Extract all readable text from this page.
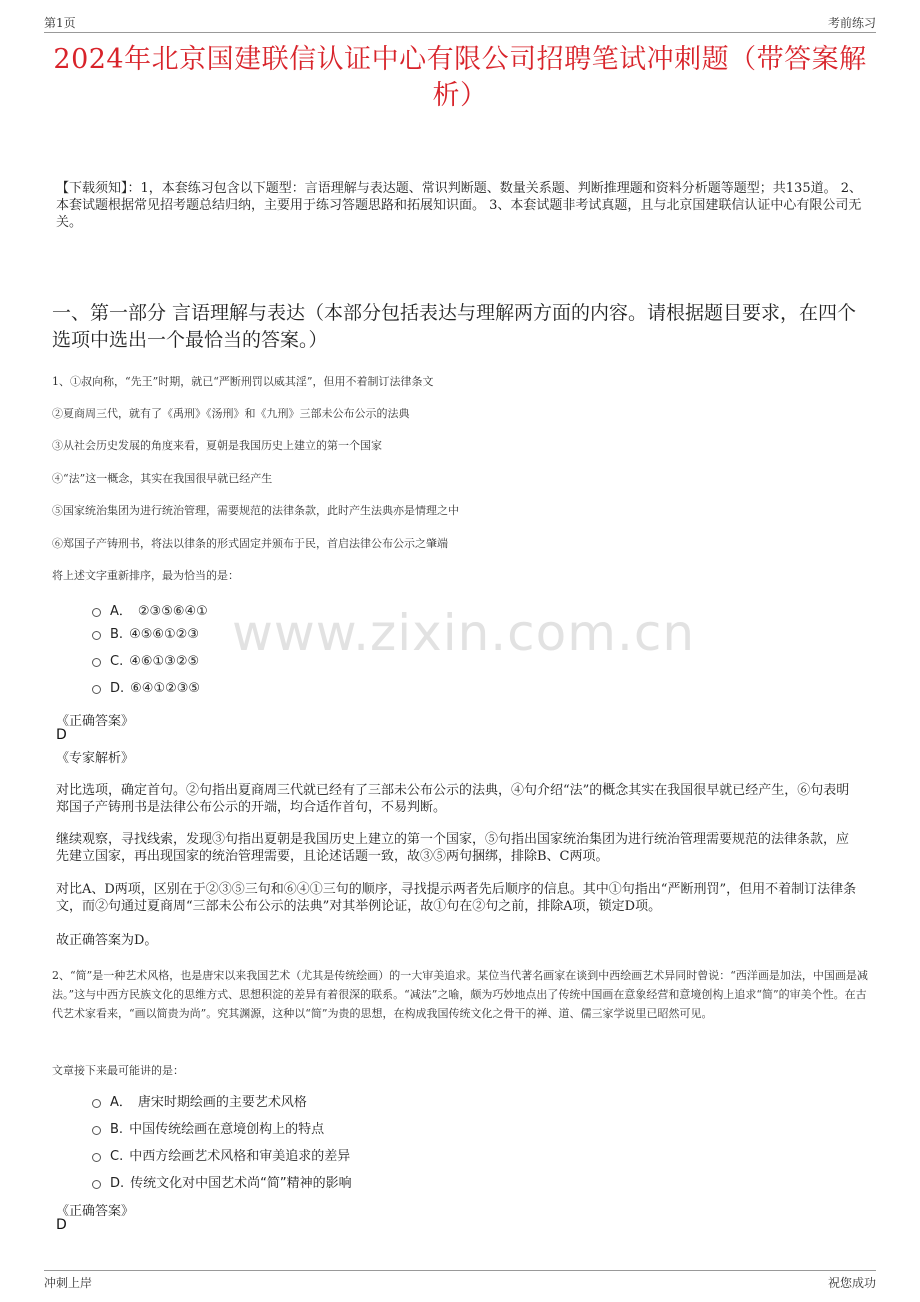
第1页	考前练习
2024年北京国建联信认证中心有限公司招聘笔试冲刺题（带答案解析）
【下载须知】：1，本套练习包含以下题型：言语理解与表达题、常识判断题、数量关系题、判断推理题和资料分析题等题型；共135道。 2、本套试题根据常见招考题总结归纳，主要用于练习答题思路和拓展知识面。 3、本套试题非考试真题，且与北京国建联信认证中心有限公司无关。
一、第一部分 言语理解与表达（本部分包括表达与理解两方面的内容。请根据题目要求，在四个选项中选出一个最恰当的答案。）
www.zixin.com.cn
1、①叔向称，“先王”时期，就已“严断刑罚以威其淫”，但用不着制订法律条文
②夏商周三代，就有了《禹刑》《汤刑》和《九刑》三部未公布公示的法典
③从社会历史发展的角度来看，夏朝是我国历史上建立的第一个国家
④“法”这一概念，其实在我国很早就已经产生
⑤国家统治集团为进行统治管理，需要规范的法律条款，此时产生法典亦是情理之中
⑥郑国子产铸刑书，将法以律条的形式固定并颁布于民，首启法律公布公示之肇端
将上述文字重新排序，最为恰当的是：
A． ②③⑤⑥④①
B. ④⑤⑥①②③
C. ④⑥①③②⑤
D. ⑥④①②③⑤
《正确答案》
D
《专家解析》
对比选项，确定首句。②句指出夏商周三代就已经有了三部未公布公示的法典，④句介绍“法”的概念其实在我国很早就已经产生，⑥句表明郑国子产铸刑书是法律公布公示的开端，均合适作首句，不易判断。
继续观察，寻找线索，发现③句指出夏朝是我国历史上建立的第一个国家，⑤句指出国家统治集团为进行统治管理需要规范的法律条款，应先建立国家，再出现国家的统治管理需要，且论述话题一致，故③⑤两句捆绑，排除B、C两项。
对比A、D两项，区别在于②③⑤三句和⑥④①三句的顺序，寻找提示两者先后顺序的信息。其中①句指出“严断刑罚”，但用不着制订法律条文，而②句通过夏商周“三部未公布公示的法典”对其举例论证，故①句在②句之前，排除A项，锁定D项。
故正确答案为D。
2、“简”是一种艺术风格，也是唐宋以来我国艺术（尤其是传统绘画）的一大审美追求。某位当代著名画家在谈到中西绘画艺术异同时曾说：“西洋画是加法，中国画是减法。”这与中西方民族文化的思维方式、思想积淀的差异有着很深的联系。“减法”之喻，颇为巧妙地点出了传统中国画在意象经营和意境创构上追求“简”的审美个性。在古代艺术家看来，“画以简贵为尚”。究其渊源，这种以“简”为贵的思想，在构成我国传统文化之骨干的禅、道、儒三家学说里已昭然可见。
文章接下来最可能讲的是：
A． 唐宋时期绘画的主要艺术风格
B. 中国传统绘画在意境创构上的特点
C. 中西方绘画艺术风格和审美追求的差异
D. 传统文化对中国艺术尚“简”精神的影响
《正确答案》
D
冲刺上岸	祝您成功
